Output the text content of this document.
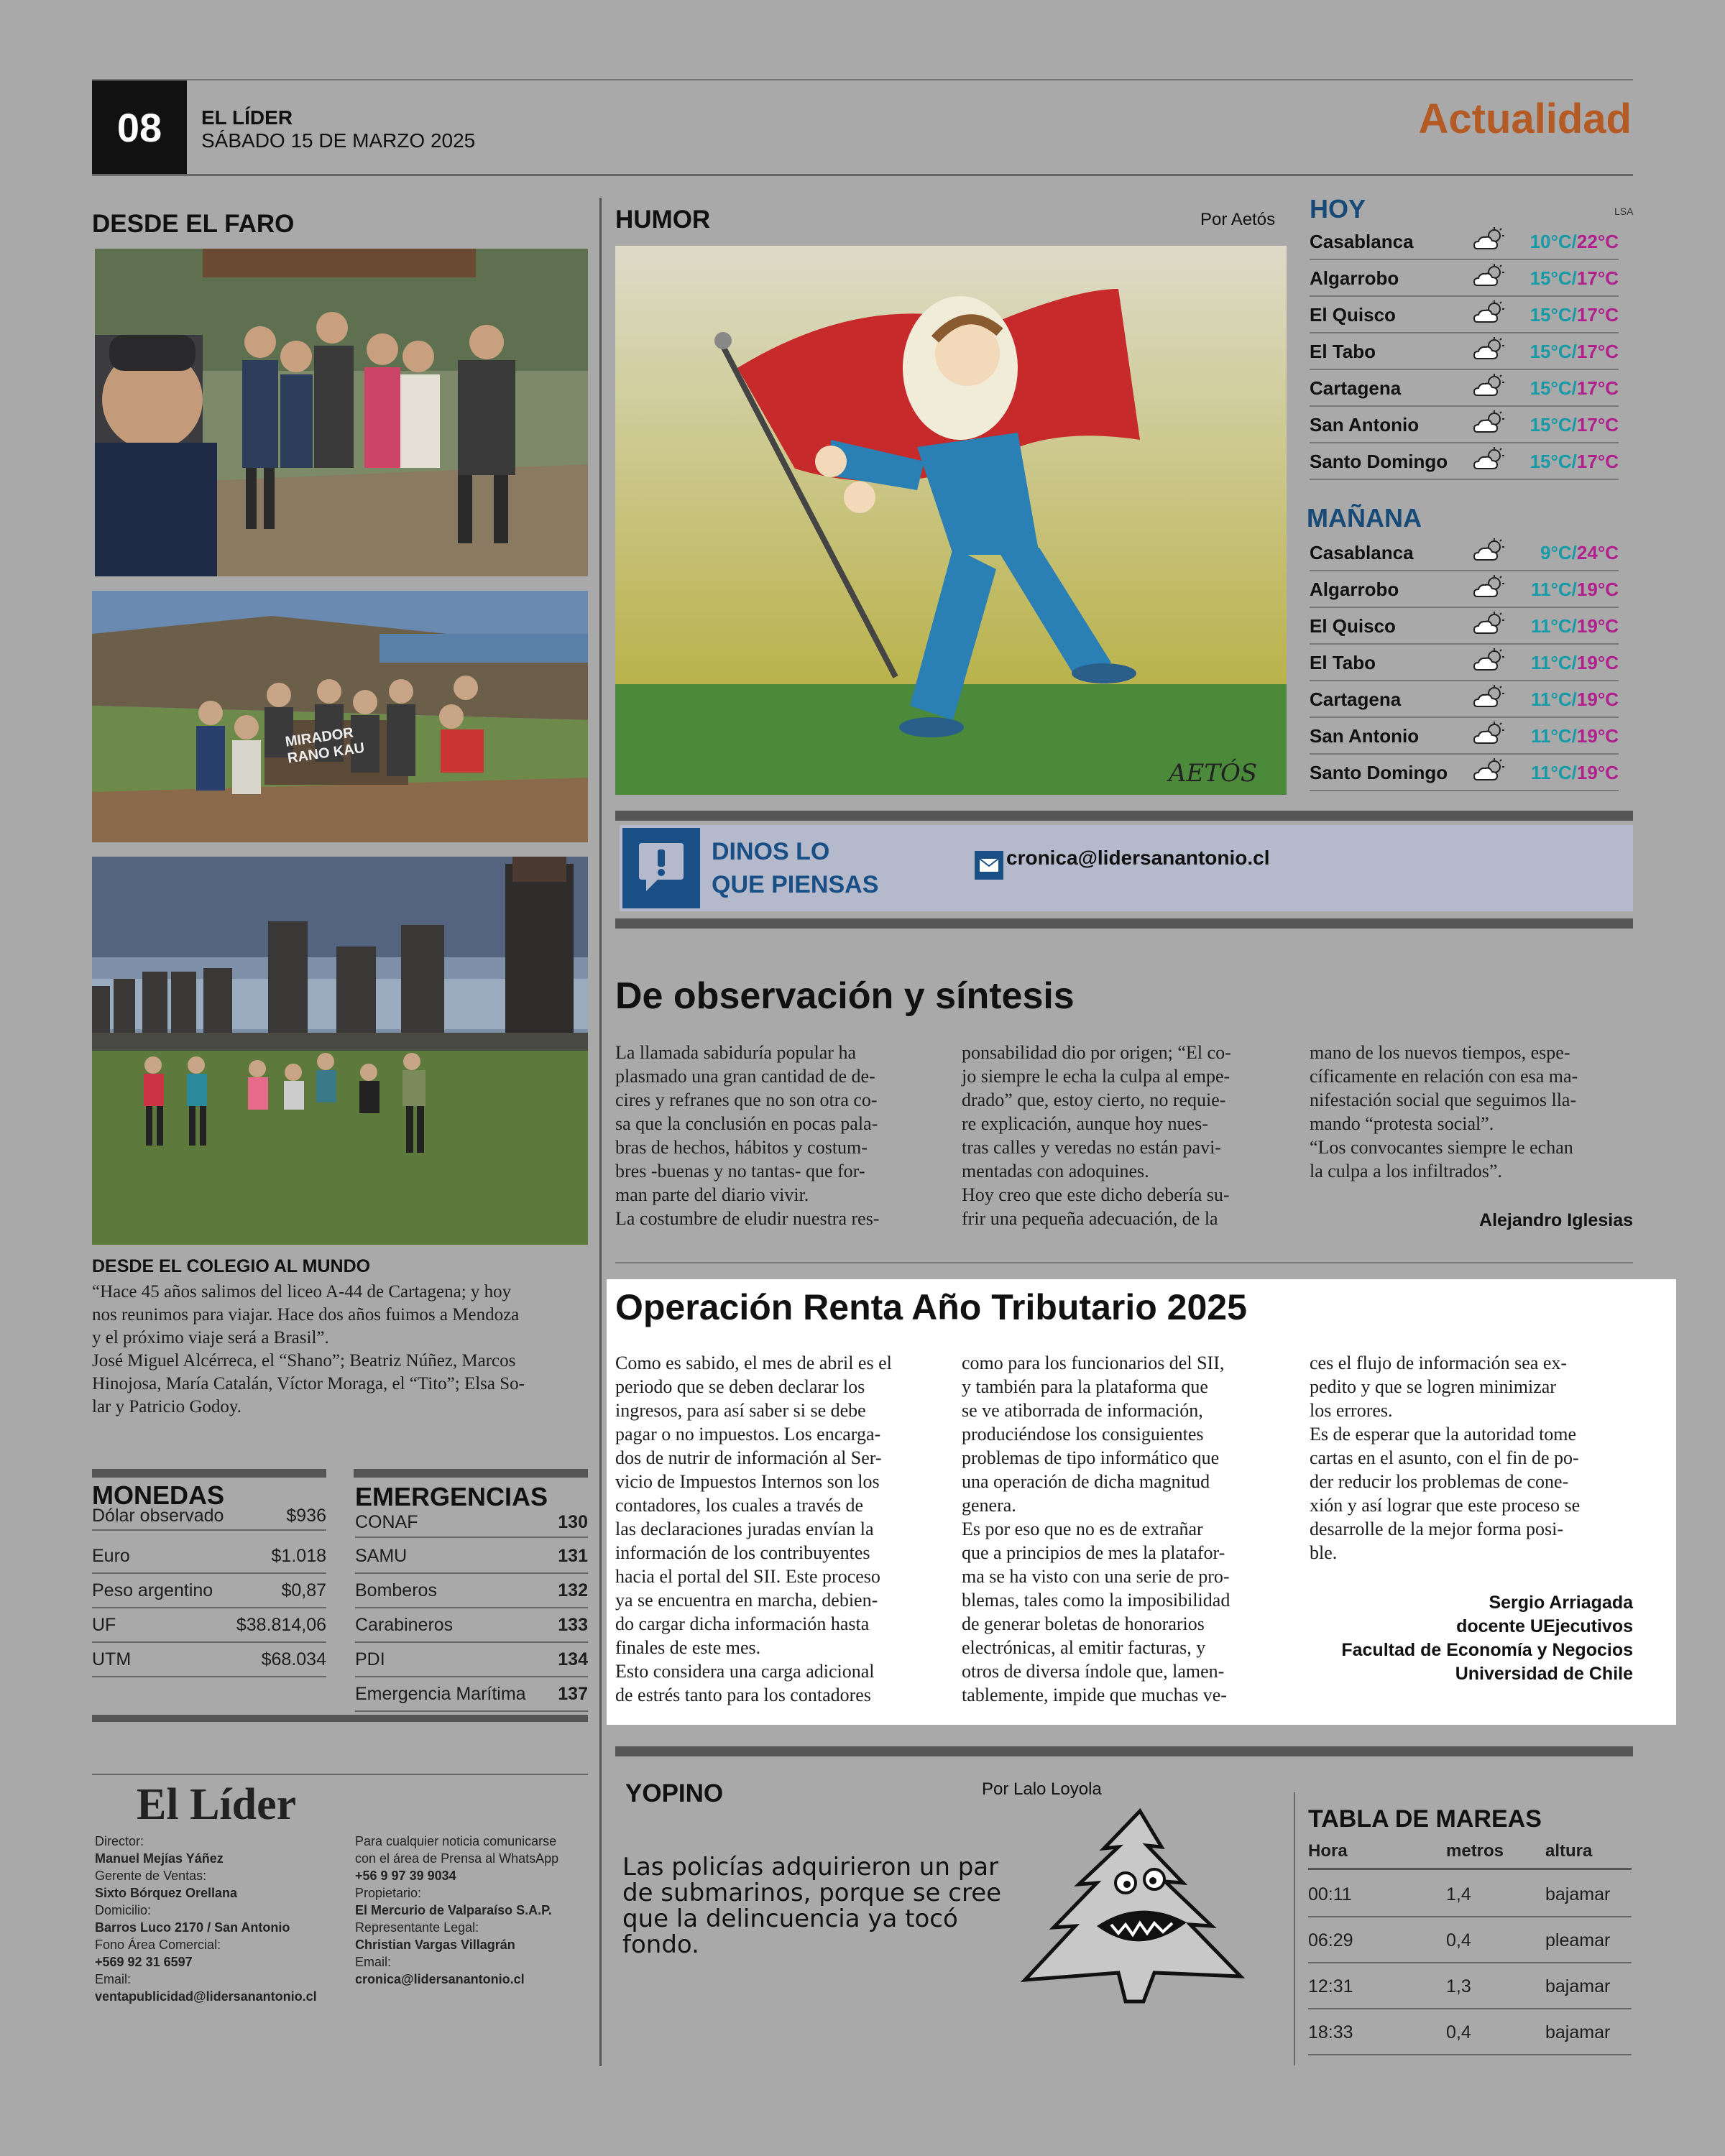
08	EL LÍDER
SÁBADO 15 DE MARZO 2025	Actualidad
DESDE EL FARO
MIRADOR RANO KAU
DESDE EL COLEGIO AL MUNDO
“Hace 45 años salimos del liceo A-44 de Cartagena; y hoy
nos reunimos para viajar. Hace dos años fuimos a Mendoza
y el próximo viaje será a Brasil”.
José Miguel Alcérreca, el “Shano”; Beatriz Núñez, Marcos
Hinojosa, María Catalán, Víctor Moraga, el “Tito”; Elsa So-
lar y Patricio Godoy.
MONEDAS
Dólar observado	$936
Euro	$1.018
Peso argentino	$0,87
UF	$38.814,06
UTM	$68.034
EMERGENCIAS
CONAF	130
SAMU	131
Bomberos	132
Carabineros	133
PDI	134
Emergencia Marítima 137
El Líder
Director:
Manuel Mejías Yáñez
Gerente de Ventas:
Sixto Bórquez Orellana
Domicilio:
Barros Luco 2170 / San Antonio
Fono Área Comercial:
+569 92 31 6597
Email:
ventapublicidad@lidersanantonio.cl
Para cualquier noticia comunicarse
con el área de Prensa al WhatsApp
+56 9 97 39 9034
Propietario:
El Mercurio de Valparaíso S.A.P.
Representante Legal:
Christian Vargas Villagrán
Email:
cronica@lidersanantonio.cl
HUMOR	Por Aetós
AETÓS
HOY	LSA
Casablanca	10°C/22°C
Algarrobo	15°C/17°C
El Quisco	15°C/17°C
El Tabo	15°C/17°C
Cartagena	15°C/17°C
San Antonio	15°C/17°C
Santo Domingo	15°C/17°C
MAÑANA
Casablanca	9°C/24°C
Algarrobo	11°C/19°C
El Quisco	11°C/19°C
El Tabo	11°C/19°C
Cartagena	11°C/19°C
San Antonio	11°C/19°C
Santo Domingo	11°C/19°C
DINOS LO
QUE PIENSAS
cronica@lidersanantonio.cl
De observación y síntesis
La llamada sabiduría popular ha
plasmado una gran cantidad de de-
cires y refranes que no son otra co-
sa que la conclusión en pocas pala-
bras de hechos, hábitos y costum-
bres -buenas y no tantas- que for-
man parte del diario vivir.
La costumbre de eludir nuestra res-
ponsabilidad dio por origen; “El co-
jo siempre le echa la culpa al empe-
drado” que, estoy cierto, no requie-
re explicación, aunque hoy nues-
tras calles y veredas no están pavi-
mentadas con adoquines.
Hoy creo que este dicho debería su-
frir una pequeña adecuación, de la
mano de los nuevos tiempos, espe-
cíficamente en relación con esa ma-
nifestación social que seguimos lla-
mando “protesta social”.
“Los convocantes siempre le echan
la culpa a los infiltrados”.
Alejandro Iglesias
Operación Renta Año Tributario 2025
Como es sabido, el mes de abril es el
periodo que se deben declarar los
ingresos, para así saber si se debe
pagar o no impuestos. Los encarga-
dos de nutrir de información al Ser-
vicio de Impuestos Internos son los
contadores, los cuales a través de
las declaraciones juradas envían la
información de los contribuyentes
hacia el portal del SII. Este proceso
ya se encuentra en marcha, debien-
do cargar dicha información hasta
finales de este mes.
Esto considera una carga adicional
de estrés tanto para los contadores
como para los funcionarios del SII,
y también para la plataforma que
se ve atiborrada de información,
produciéndose los consiguientes
problemas de tipo informático que
una operación de dicha magnitud
genera.
Es por eso que no es de extrañar
que a principios de mes la platafor-
ma se ha visto con una serie de pro-
blemas, tales como la imposibilidad
de generar boletas de honorarios
electrónicas, al emitir facturas, y
otros de diversa índole que, lamen-
tablemente, impide que muchas ve-
ces el flujo de información sea ex-
pedito y que se logren minimizar
los errores.
Es de esperar que la autoridad tome
cartas en el asunto, con el fin de po-
der reducir los problemas de cone-
xión y así lograr que este proceso se
desarrolle de la mejor forma posi-
ble.
Sergio Arriagada
docente UEjecutivos
Facultad de Economía y Negocios
Universidad de Chile
YOPINO	Por Lalo Loyola
Las policías adquirieron un par
de submarinos, porque se cree
que la delincuencia ya tocó
fondo.
TABLA DE MAREAS
Hora	metros altura
00:11	1,4	bajamar
06:29	0,4	pleamar
12:31	1,3	bajamar
18:33	0,4	bajamar
